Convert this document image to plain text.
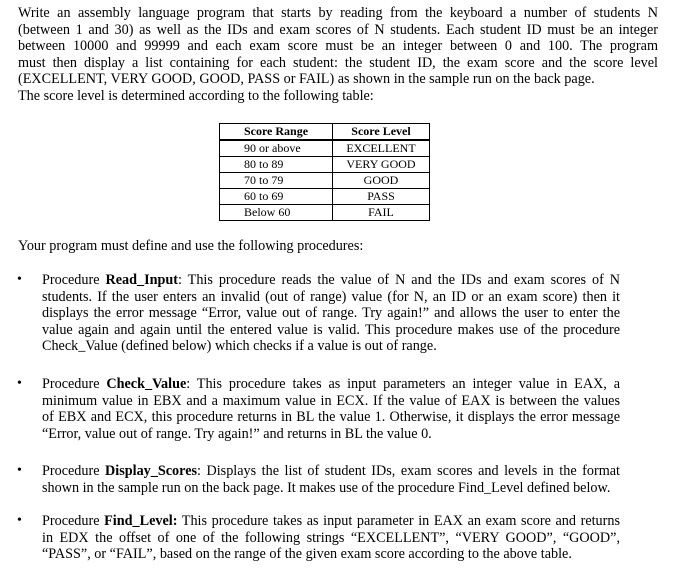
Write an assembly language program that starts by reading from the keyboard a number of students N
(between 1 and 30) as well as the IDs and exam scores of N students. Each student ID must be an integer
between 10000 and 99999 and each exam score must be an integer between 0 and 100. The program
must then display a list containing for each student: the student ID, the exam score and the score level
(EXCELLENT, VERY GOOD, GOOD, PASS or FAIL) as shown in the sample run on the back page.
The score level is determined according to the following table:
Score Range	Score Level
90 or above	EXCELLENT
80 to 89	VERY GOOD
70 to 79	GOOD
60 to 69	PASS
Below 60	FAIL
Your program must define and use the following procedures:
• Procedure Read_Input: This procedure reads the value of N and the IDs and exam scores of N
students. If the user enters an invalid (out of range) value (for N, an ID or an exam score) then it
displays the error message “Error, value out of range. Try again!” and allows the user to enter the
value again and again until the entered value is valid. This procedure makes use of the procedure
Check_Value (defined below) which checks if a value is out of range.
• Procedure Check_Value: This procedure takes as input parameters an integer value in EAX, a
minimum value in EBX and a maximum value in ECX. If the value of EAX is between the values
of EBX and ECX, this procedure returns in BL the value 1. Otherwise, it displays the error message
“Error, value out of range. Try again!” and returns in BL the value 0.
• Procedure Display_Scores: Displays the list of student IDs, exam scores and levels in the format
shown in the sample run on the back page. It makes use of the procedure Find_Level defined below.
• Procedure Find_Level: This procedure takes as input parameter in EAX an exam score and returns
in EDX the offset of one of the following strings “EXCELLENT”, “VERY GOOD”, “GOOD”,
“PASS”, or “FAIL”, based on the range of the given exam score according to the above table.
